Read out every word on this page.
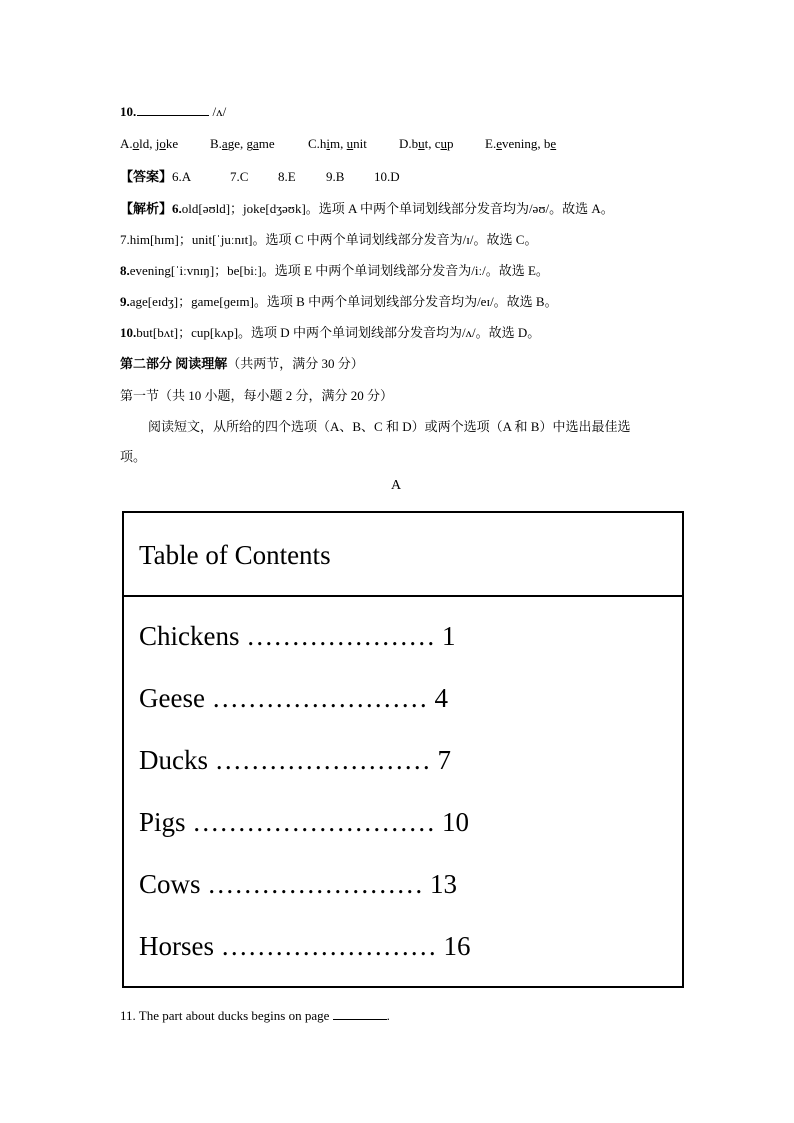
10.	/ʌ/
A.old, joke B.age, game	C.him, unit D.but, cup E.evening, be
【答案】6.A	7.C 8.E 9.B 10.D
【解析】6.old[əʊld]；joke[dʒəʊk]。选项 A 中两个单词划线部分发音均为/əʊ/。故选 A。
7.him[hɪm]；unit[ˈjuːnɪt]。选项 C 中两个单词划线部分发音为/ɪ/。故选 C。
8.evening[ˈiːvnɪŋ]；be[biː]。选项 E 中两个单词划线部分发音为/iː/。故选 E。
9.age[eɪdʒ]；game[ɡeɪm]。选项 B 中两个单词划线部分发音均为/eɪ/。故选 B。
10.but[bʌt]；cup[kʌp]。选项 D 中两个单词划线部分发音均为/ʌ/。故选 D。
第二部分 阅读理解（共两节，满分 30 分）
第一节（共 10 小题，每小题 2 分，满分 20 分）
阅读短文，从所给的四个选项（A、B、C 和 D）或两个选项（A 和 B）中选出最佳选
项。
A
Table of Contents
Chickens ………………… 1
Geese …………………… 4
Ducks …………………… 7
Pigs ……………………… 10
Cows …………………… 13
Horses …………………… 16
11. The part about ducks begins on page	.
